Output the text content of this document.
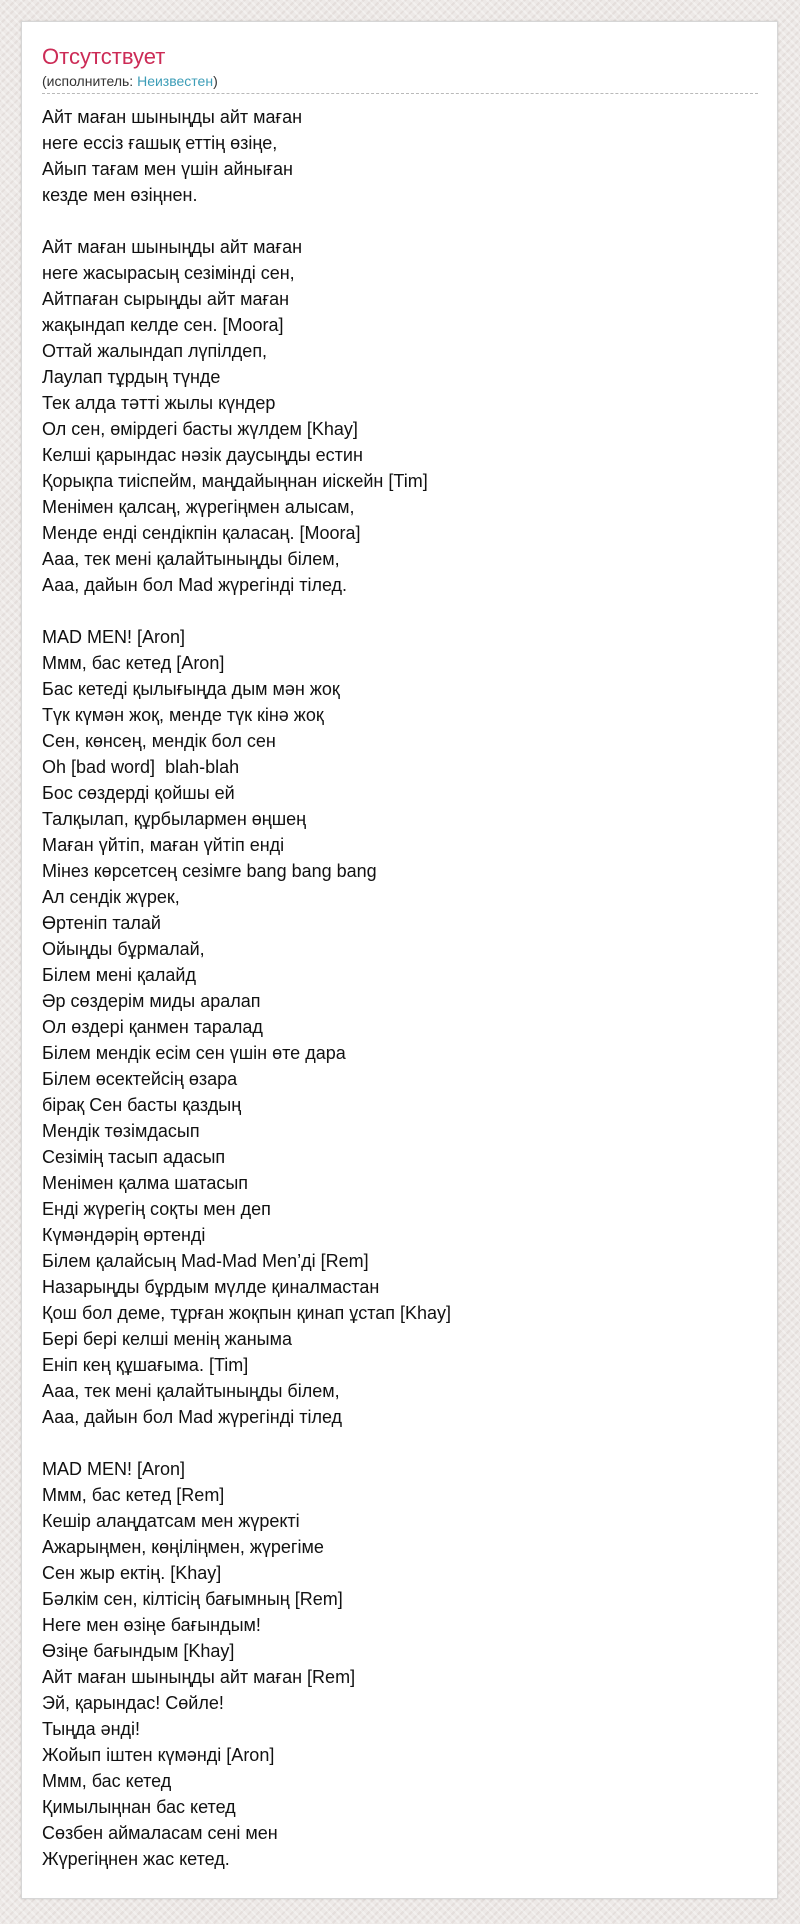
Отсутствует
(исполнитель: Неизвестен)
Айт маған шыныңды айт маған
неге ессіз ғашық еттің өзіңе,
Айып тағам мен үшін айныған
кезде мен өзіңнен.
Айт маған шыныңды айт маған
неге жасырасың сезімінді сен,
Айтпаған сырыңды айт маған
жақындап келде сен. [Moora]
Оттай жалындап лүпілдеп,
Лаулап тұрдың түнде
Тек алда тәтті жылы күндер
Ол сен, өмірдегі басты жүлдем [Khay]
Келші қарындас нәзік даусыңды естин
Қорықпа тиіспейм, маңдайыңнан иіскейн [Tim]
Менімен қалсаң, жүрегіңмен алысам,
Менде енді сендікпін қаласаң. [Moora]
Ааа, тек мені қалайтыныңды білем,
Ааа, дайын бол Mad жүрегінді тілед.
MAD MEN! [Aron]
Ммм, бас кетед [Aron]
Бас кетеді қылығыңда дым мән жоқ
Түк күмән жоқ, менде түк кінә жоқ
Сен, көнсең, мендік бол сен
Oh [bad word]  blah-blah
Бос сөздерді қойшы ей
Талқылап, құрбылармен өңшең
Маған үйтіп, маған үйтіп енді
Мінез көрсетсең сезімге bang bang bang
Ал сендік жүрек,
Өртеніп талай
Ойыңды бұрмалай,
Білем мені қалайд
Әр сөздерім миды аралап
Ол өздері қанмен таралад
Білем мендік есім сен үшін өте дара
Білем өсектейсің өзара
бірақ Сен басты қаздың
Мендік төзімдасып
Сезімің тасып адасып
Менімен қалма шатасып
Енді жүрегің соқты мен деп
Күмәндәрің өртенді
Білем қалайсың Mad-Mad Men’ді [Rem]
Назарыңды бұрдым мүлде қиналмастан
Қош бол деме, тұрған жоқпын қинап ұстап [Khay]
Бері бері келші менің жаныма
Еніп кең құшағыма. [Tim]
Ааа, тек мені қалайтыныңды білем,
Ааа, дайын бол Mad жүрегінді тілед
MAD MEN! [Aron]
Ммм, бас кетед [Rem]
Кешір алаңдатсам мен жүректі
Ажарыңмен, көңіліңмен, жүрегіме
Сен жыр ектің. [Khay]
Бәлкім сен, кілтісің бағымның [Rem]
Неге мен өзіңе бағындым!
Өзіңе бағындым [Khay]
Айт маған шыныңды айт маған [Rem]
Эй, қарындас! Сөйле!
Тыңда әнді!
Жойып іштен күмәнді [Aron]
Ммм, бас кетед
Қимылыңнан бас кетед
Сөзбен аймаласам сені мен
Жүрегіңнен жас кетед.
